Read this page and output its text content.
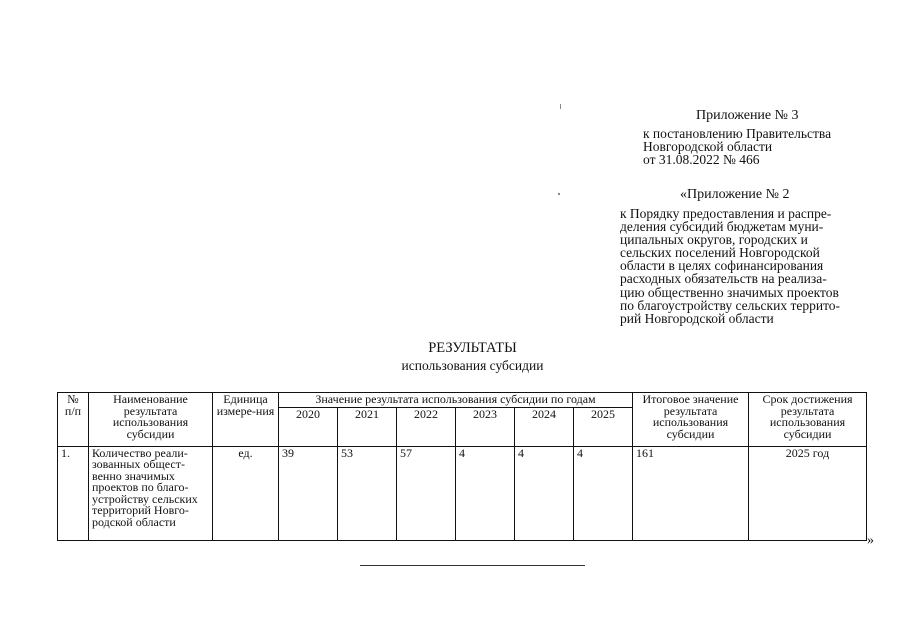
Приложение № 3
к постановлению Правительства
Новгородской области
от 31.08.2022 № 466
«Приложение № 2
к Порядку предоставления и распре-
деления субсидий бюджетам муни-
ципальных округов, городских и
сельских поселений Новгородской
области в целях софинансирования
расходных обязательств на реализа-
цию общественно значимых проектов
по благоустройству сельских террито-
рий Новгородской области
РЕЗУЛЬТАТЫ
использования субсидии
№ п/п	Наименование результата использования субсидии	Единица измере-ния	Значение результата использования субсидии по годам						Итоговое значение результата использования субсидии	Срок достижения результата использования субсидии
			2020	2021	2022	2023	2024	2025		
1.	Количество реали-зованных общест-венно значимых проектов по благо-устройству сельских территорий Новго-родской области	ед.	39	53	57	4	4	4	161	2025 год
»
